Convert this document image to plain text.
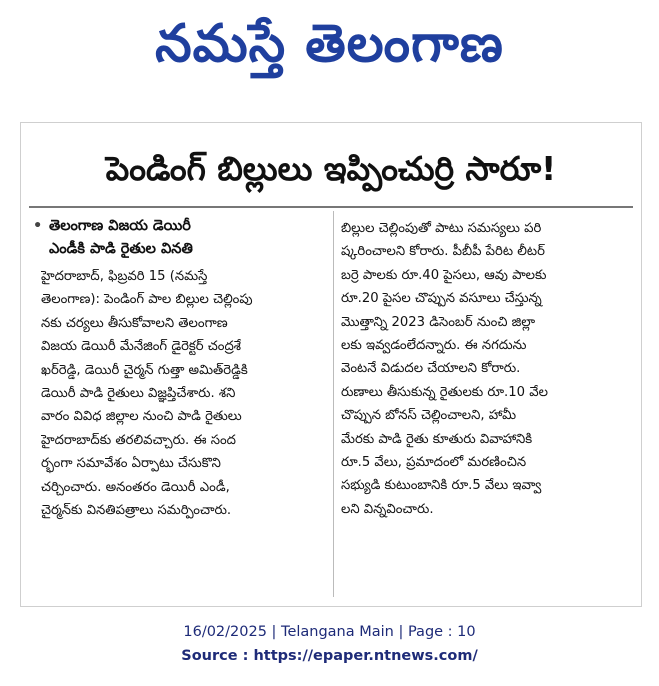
నమస్తే తెలంగాణ
పెండింగ్ బిల్లులు ఇప్పించుర్రి సారూ!
• తెలంగాణ విజయ డెయిరీ
ఎండీకి పాడి రైతుల వినతి
హైదరాబాద్, ఫిబ్రవరి 15 (నమస్తే
తెలంగాణ): పెండింగ్ పాల బిల్లుల చెల్లింపు
నకు చర్యలు తీసుకోవాలని తెలంగాణ
విజయ డెయిరీ మేనేజింగ్ డైరెక్టర్ చంద్రశే
ఖర్‌రెడ్డి, డెయిరీ చైర్మన్ గుత్తా అమిత్‌రెడ్డికి
డెయిరీ పాడి రైతులు విజ్ఞప్తిచేశారు. శని
వారం వివిధ జిల్లాల నుంచి పాడి రైతులు
హైదరాబాద్‌కు తరలివచ్చారు. ఈ సంద
ర్భంగా సమావేశం ఏర్పాటు చేసుకొని
చర్చించారు. అనంతరం డెయిరీ ఎండీ,
చైర్మన్‌కు వినతిపత్రాలు సమర్పించారు.
బిల్లుల చెల్లింపుతో పాటు సమస్యలు పరి
ష్కరించాలని కోరారు. పీబీపీ పేరిట లీటర్
బర్రె పాలకు రూ.40 పైసలు, ఆవు పాలకు
రూ.20 పైసల చొప్పున వసూలు చేస్తున్న
మొత్తాన్ని 2023 డిసెంబర్ నుంచి జిల్లా
లకు ఇవ్వడంలేదన్నారు. ఈ నగదును
వెంటనే విడుదల చేయాలని కోరారు.
రుణాలు తీసుకున్న రైతులకు రూ.10 వేల
చొప్పున బోనస్ చెల్లించాలని, హామీ
మేరకు పాడి రైతు కూతురు వివాహానికి
రూ.5 వేలు, ప్రమాదంలో మరణించిన
సభ్యుడి కుటుంబానికి రూ.5 వేలు ఇవ్వా
లని విన్నవించారు.
16/02/2025 | Telangana Main | Page : 10
Source : https://epaper.ntnews.com/
